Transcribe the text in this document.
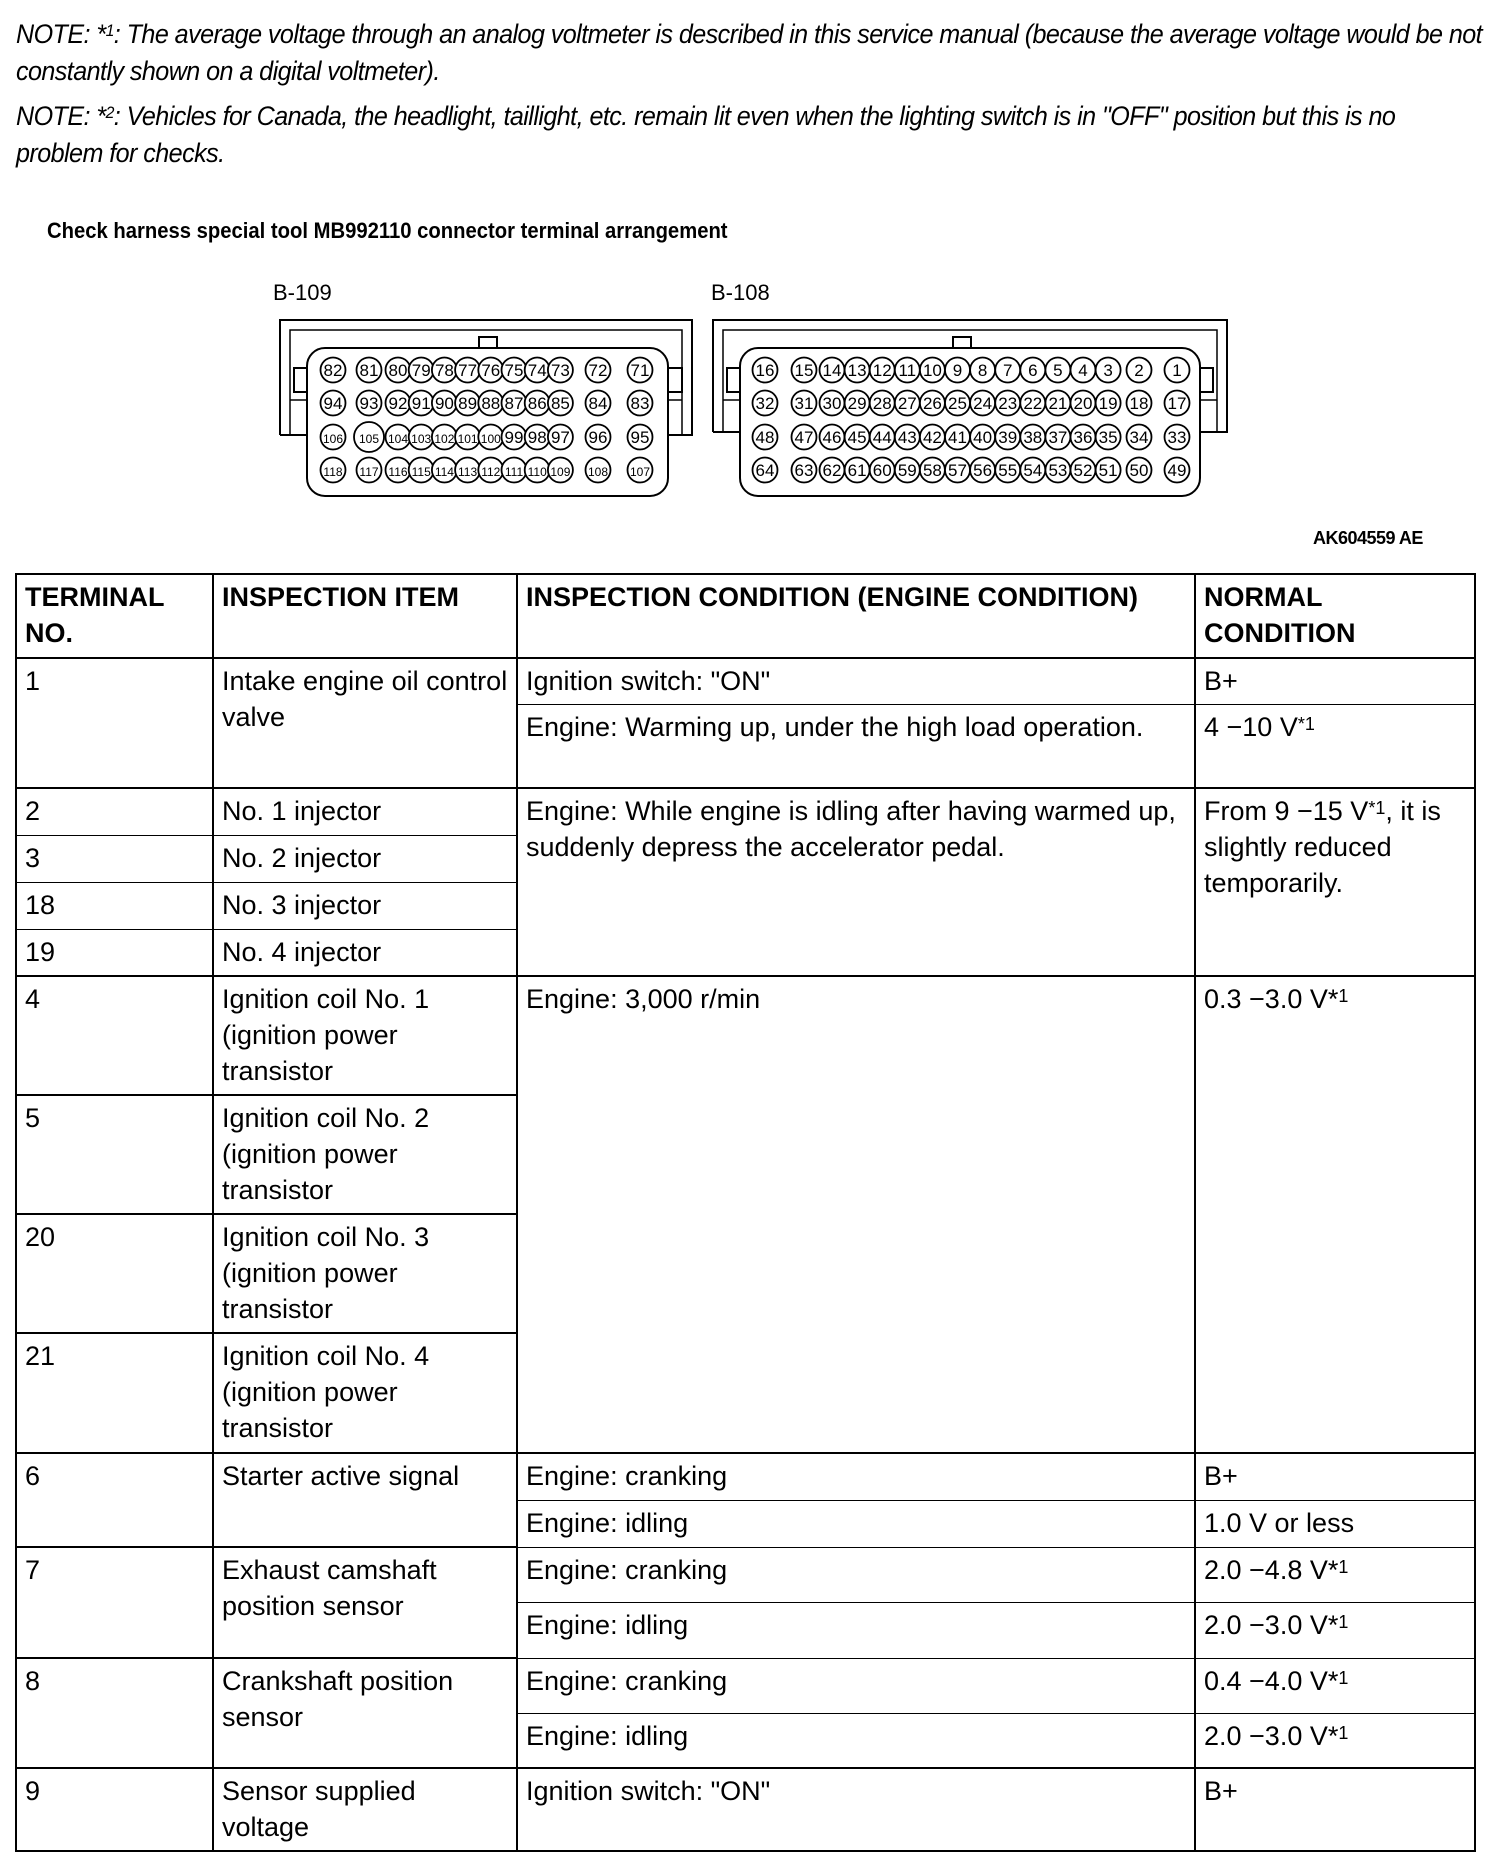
NOTE: *$^1$: The average voltage through an analog voltmeter is described in this service manual (because the average voltage would be not constantly shown on a digital voltmeter).

NOTE: *$^2$: Vehicles for Canada, the headlight, taillight, etc. remain lit even when the lighting switch is in "OFF" position but this is no problem for checks.

Check harness special tool MB992110 connector terminal arrangement
B-109	B-108
82 81 80 79 78 77 76 75 74 73 72 71
94 93 92 91 90 89 88 87 86 85 84 83
106 105 104 103 102 101 100 99 98 97 96 95
118 117 116 115 114 113 112 111 110 109 108 107
16 15 14 13 12 11 10 9 8 7 6 5 4 3 2 1
32 31 30 29 28 27 26 25 24 23 22 21 20 19 18 17
48 47 46 45 44 43 42 41 40 39 38 37 36 35 34 33
64 63 62 61 60 59 58 57 56 55 54 53 52 51 50 49
AK604559 AE
TERMINAL NO.	INSPECTION ITEM	INSPECTION CONDITION (ENGINE CONDITION)	NORMAL CONDITION
1	Intake engine oil control valve	Ignition switch: "ON"	B+
		Engine: Warming up, under the high load operation.	4 −10 $V^{*1}$
2	No. 1 injector	Engine: While engine is idling after having warmed up, suddenly depress the accelerator pedal.	From 9 −15 $V^{*1}$, it is slightly reduced temporarily.
3	No. 2 injector		
18	No. 3 injector		
19	No. 4 injector		
4	Ignition coil No. 1 (ignition power transistor	Engine: 3,000 r/min	0.3 −3.0 V*$^1$
5	Ignition coil No. 2 (ignition power transistor		
20	Ignition coil No. 3 (ignition power transistor		
21	Ignition coil No. 4 (ignition power transistor		
6	Starter active signal	Engine: cranking	B+
		Engine: idling	1.0 V or less
7	Exhaust camshaft position sensor	Engine: cranking	2.0 −4.8 V*$^1$
		Engine: idling	2.0 −3.0 V*$^1$
8	Crankshaft position sensor	Engine: cranking	0.4 −4.0 V*$^1$
		Engine: idling	2.0 −3.0 V*$^1$
9	Sensor supplied voltage	Ignition switch: "ON"	B+
